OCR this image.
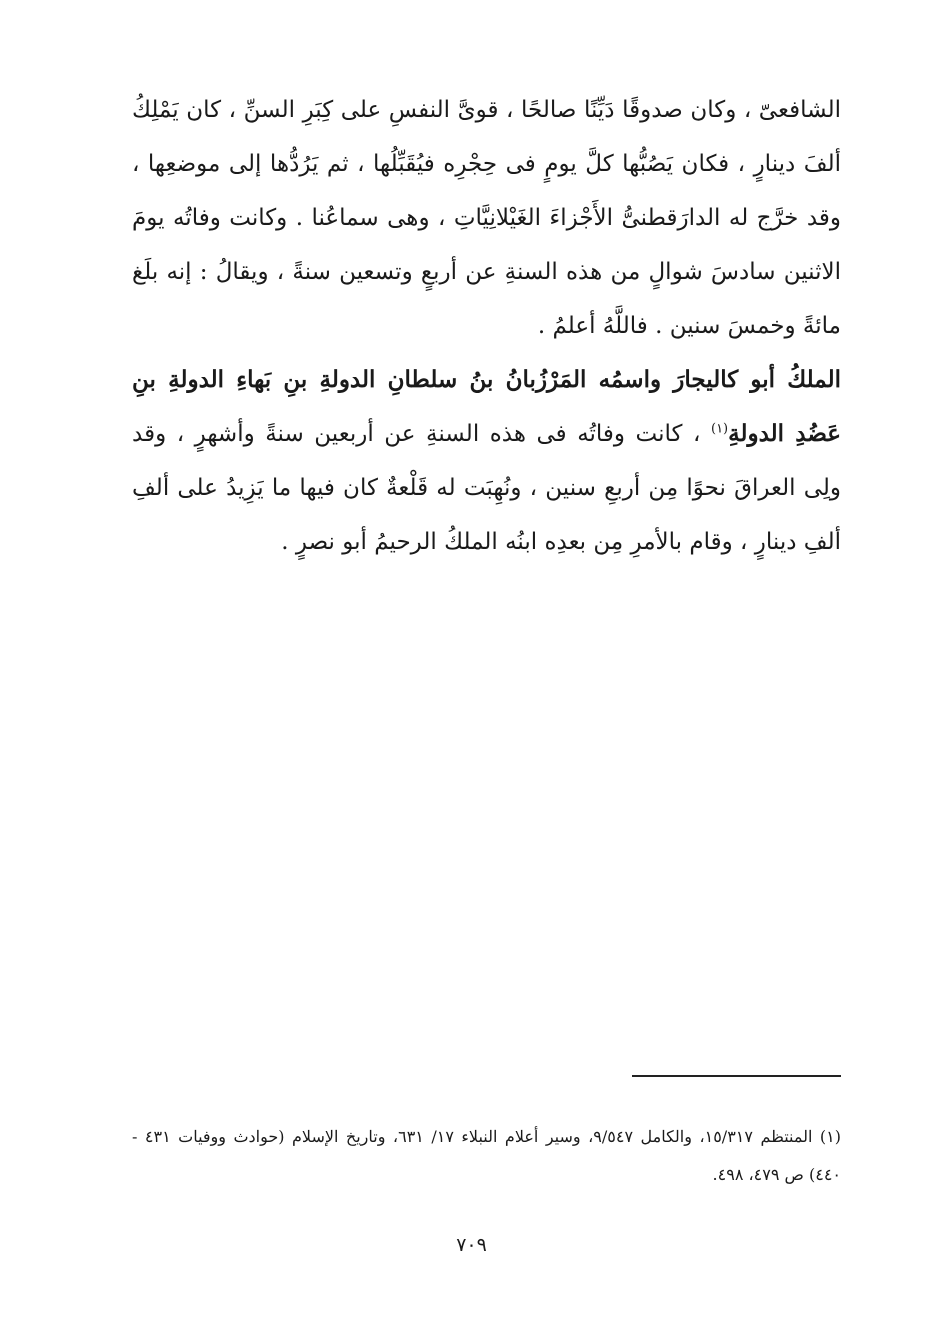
الشافعىّ ، وكان صدوقًا دَيِّنًا صالحًا ، قوىَّ النفسِ على كِبَرِ السنِّ ، كان يَمْلِكُ ألفَ دينارٍ ، فكان يَصُبُّها كلَّ يومٍ فى حِجْرِه فيُقَبِّلُها ، ثم يَرُدُّها إلى موضعِها ، وقد خرَّج له الدارَقطنىُّ الأَجْزاءَ الغَيْلانِيَّاتِ ، وهى سماعُنا . وكانت وفاتُه يومَ الاثنين سادسَ شوالٍ من هذه السنةِ عن أربعٍ وتسعين سنةً ، ويقالُ : إنه بلَغ مائةً وخمسَ سنين . فاللَّهُ أعلمُ .

الملكُ أبو كاليجارَ واسمُه المَرْزُبانُ بنُ سلطانِ الدولةِ بنِ بَهاءِ الدولةِ بنِ عَضُدِ الدولةِ$^{(١)}$ ، كانت وفاتُه فى هذه السنةِ عن أربعين سنةً وأشهرٍ ، وقد ولِى العراقَ نحوًا مِن أربعِ سنين ، ونُهِبَت له قَلْعةٌ كان فيها ما يَزِيدُ على ألفِ ألفِ دينارٍ ، وقام بالأمرِ مِن بعدِه ابنُه الملكُ الرحيمُ أبو نصرٍ .

(١) المنتظم ١٥/٣١٧، والكامل ٩/٥٤٧، وسير أعلام النبلاء ١٧/ ٦٣١، وتاريخ الإسلام (حوادث ووفيات ٤٣١ - ٤٤٠) ص ٤٧٩، ٤٩٨.

٧٠٩
